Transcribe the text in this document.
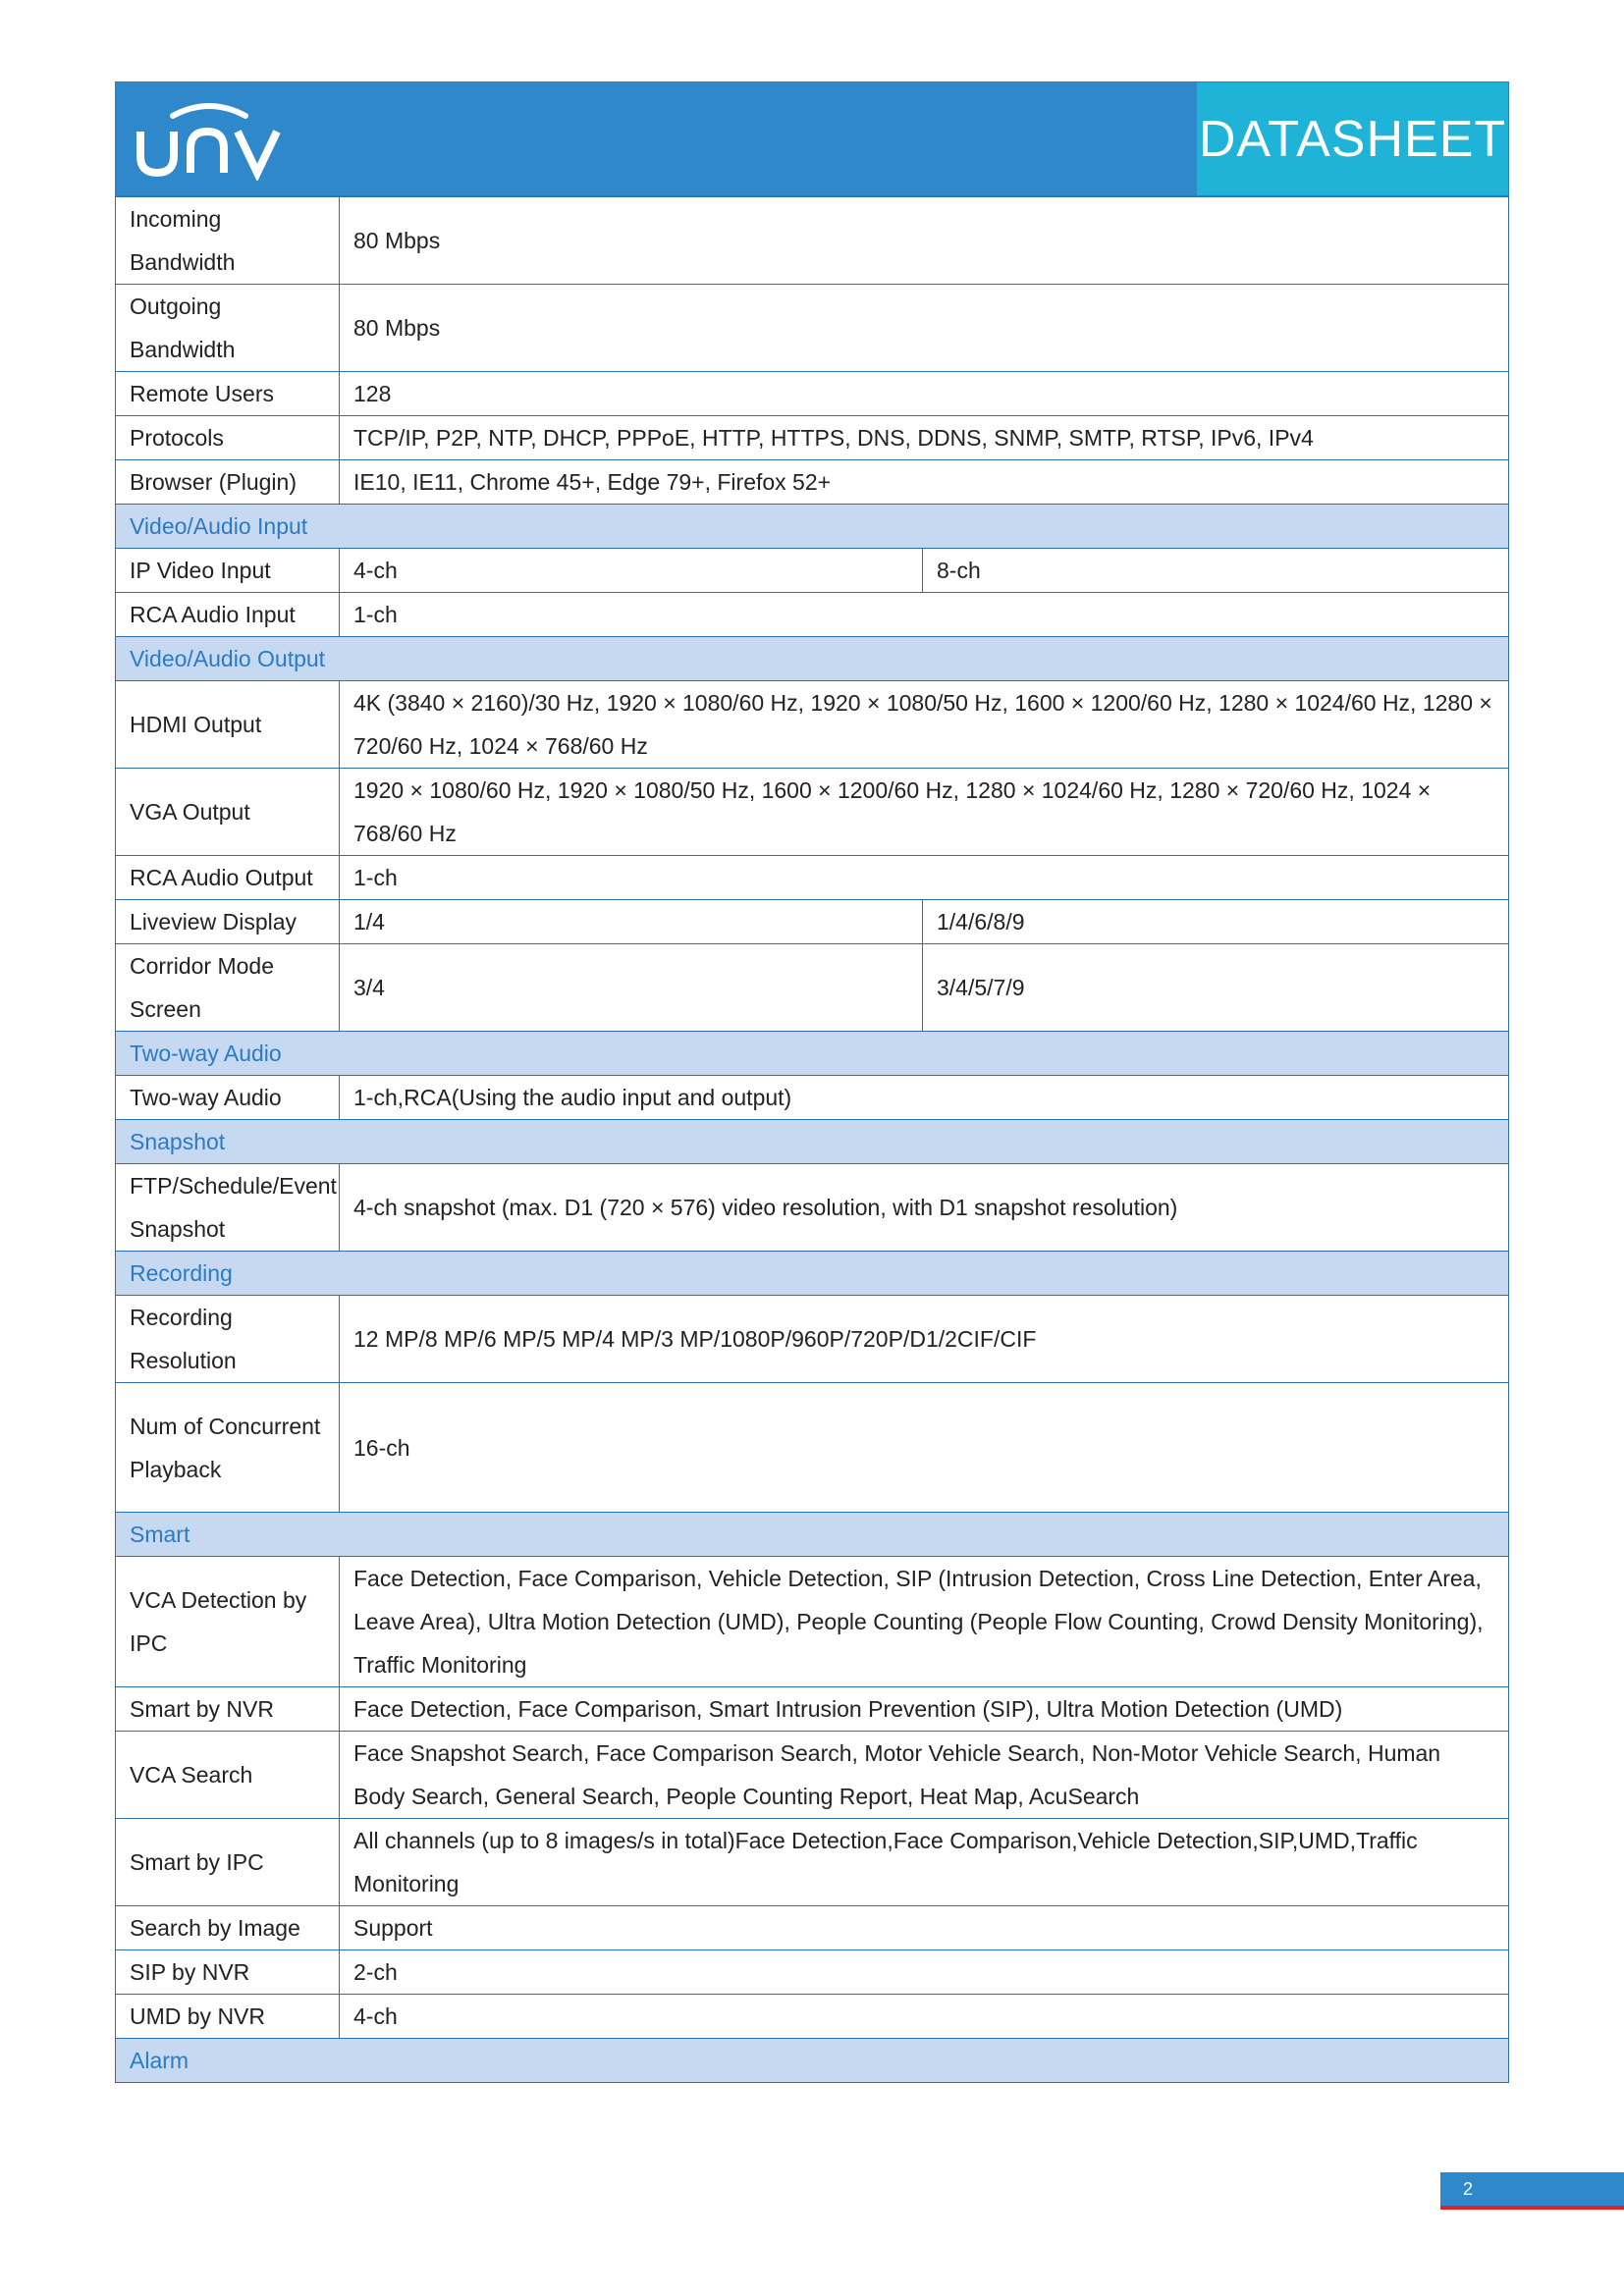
DATASHEET
Incoming Bandwidth	80 Mbps	
Outgoing Bandwidth	80 Mbps	
Remote Users	128	
Protocols	TCP/IP, P2P, NTP, DHCP, PPPoE, HTTP, HTTPS, DNS, DDNS, SNMP, SMTP, RTSP, IPv6, IPv4	
Browser (Plugin)	IE10, IE11, Chrome 45+, Edge 79+, Firefox 52+	
Video/Audio Input		
IP Video Input	4-ch	8-ch
RCA Audio Input	1-ch	
Video/Audio Output		
HDMI Output	4K (3840 × 2160)/30 Hz, 1920 × 1080/60 Hz, 1920 × 1080/50 Hz, 1600 × 1200/60 Hz, 1280 × 1024/60 Hz, 1280 × 720/60 Hz, 1024 × 768/60 Hz	
VGA Output	1920 × 1080/60 Hz, 1920 × 1080/50 Hz, 1600 × 1200/60 Hz, 1280 × 1024/60 Hz, 1280 × 720/60 Hz, 1024 × 768/60 Hz	
RCA Audio Output	1-ch	
Liveview Display	1/4	1/4/6/8/9
Corridor Mode Screen	3/4	3/4/5/7/9
Two-way Audio		
Two-way Audio	1-ch,RCA(Using the audio input and output)	
Snapshot		
FTP/Schedule/Event Snapshot	4-ch snapshot (max. D1 (720 × 576) video resolution, with D1 snapshot resolution)	
Recording		
Recording Resolution	12 MP/8 MP/6 MP/5 MP/4 MP/3 MP/1080P/960P/720P/D1/2CIF/CIF	
Num of Concurrent Playback	16-ch	
Smart		
VCA Detection by IPC	Face Detection, Face Comparison, Vehicle Detection, SIP (Intrusion Detection, Cross Line Detection, Enter Area, Leave Area), Ultra Motion Detection (UMD), People Counting (People Flow Counting, Crowd Density Monitoring), Traffic Monitoring	
Smart by NVR	Face Detection, Face Comparison, Smart Intrusion Prevention (SIP), Ultra Motion Detection (UMD)	
VCA Search	Face Snapshot Search, Face Comparison Search, Motor Vehicle Search, Non-Motor Vehicle Search, Human Body Search, General Search, People Counting Report, Heat Map, AcuSearch	
Smart by IPC	All channels (up to 8 images/s in total)Face Detection,Face Comparison,Vehicle Detection,SIP,UMD,Traffic Monitoring	
Search by Image	Support	
SIP by NVR	2-ch	
UMD by NVR	4-ch	
Alarm		
2
